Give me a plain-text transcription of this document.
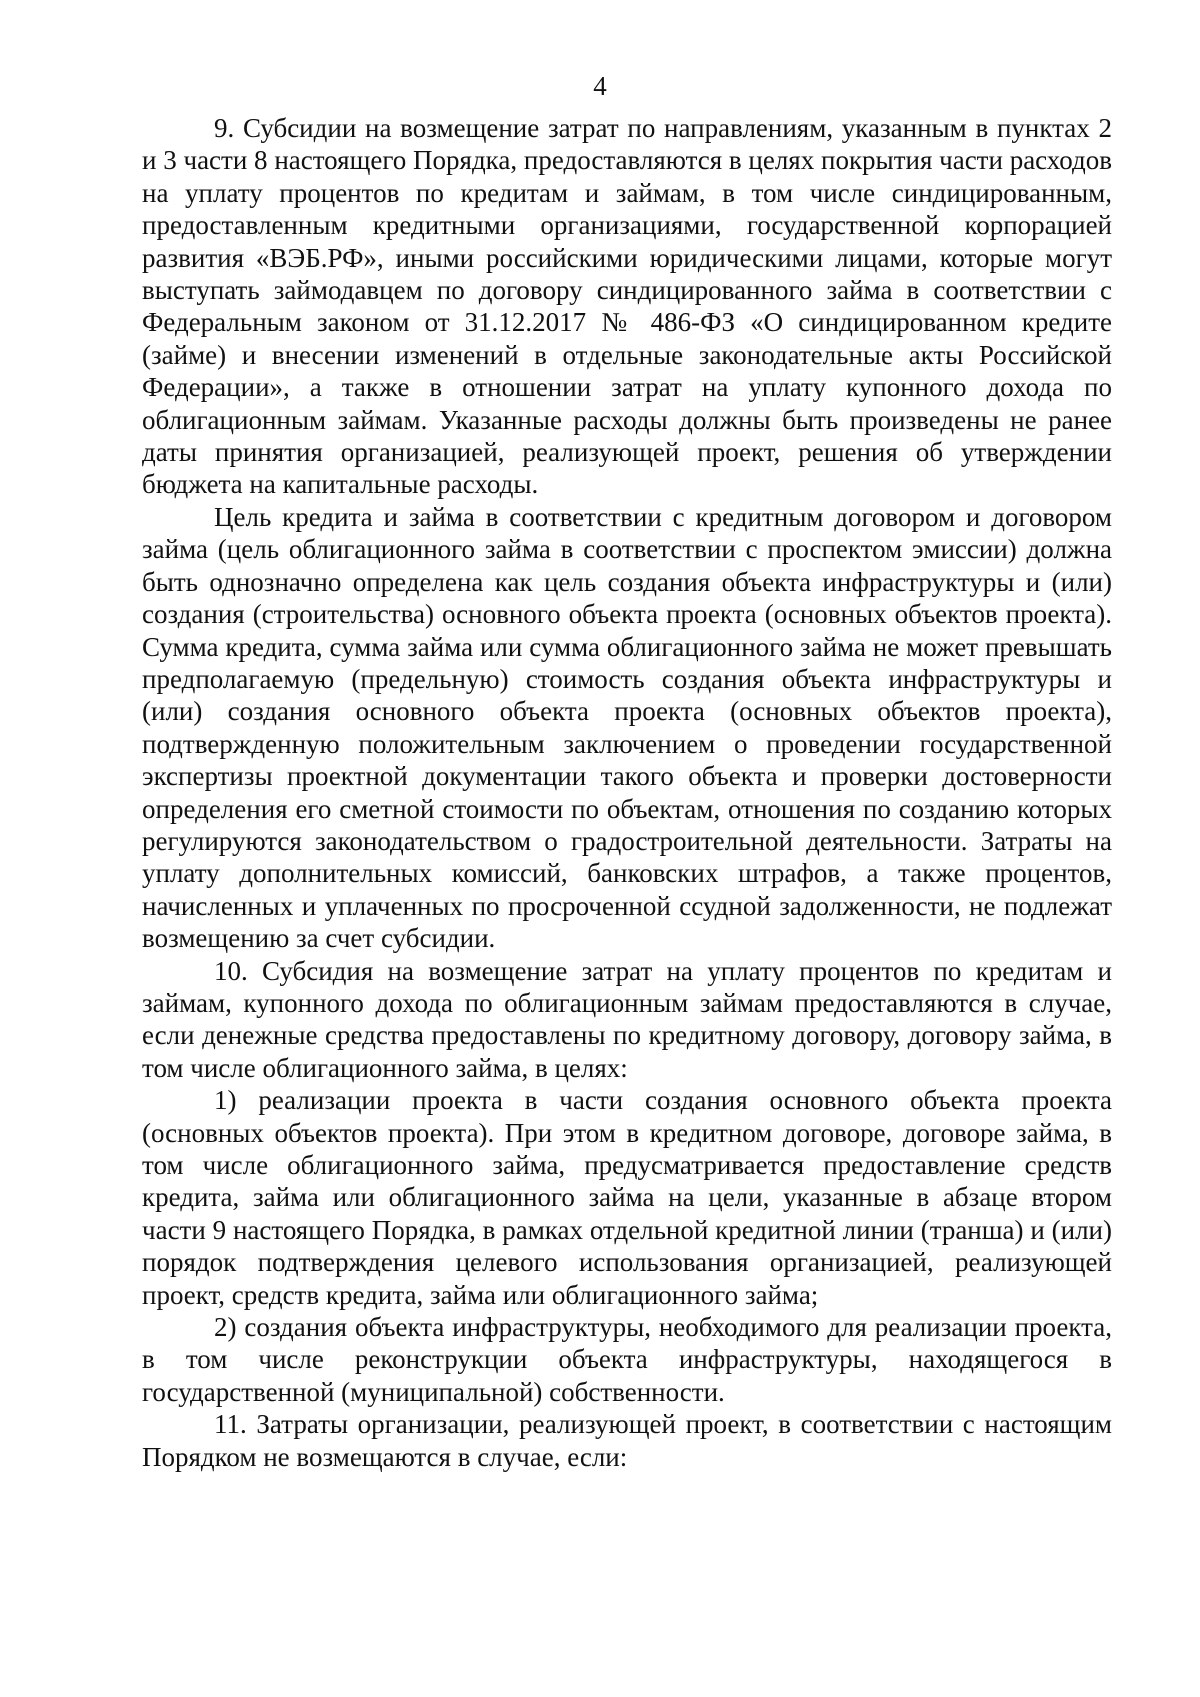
4

9. Субсидии на возмещение затрат по направлениям, указанным в пунктах 2 и 3 части 8 настоящего Порядка, предоставляются в целях покрытия части расходов на уплату процентов по кредитам и займам, в том числе синдицированным, предоставленным кредитными организациями, государственной корпорацией развития «ВЭБ.РФ», иными российскими юридическими лицами, которые могут выступать займодавцем по договору синдицированного займа в соответствии с Федеральным законом от 31.12.2017 № 486-ФЗ «О синдицированном кредите (займе) и внесении изменений в отдельные законодательные акты Российской Федерации», а также в отношении затрат на уплату купонного дохода по облигационным займам. Указанные расходы должны быть произведены не ранее даты принятия организацией, реализующей проект, решения об утверждении бюджета на капитальные расходы.

Цель кредита и займа в соответствии с кредитным договором и договором займа (цель облигационного займа в соответствии с проспектом эмиссии) должна быть однозначно определена как цель создания объекта инфраструктуры и (или) создания (строительства) основного объекта проекта (основных объектов проекта). Сумма кредита, сумма займа или сумма облигационного займа не может превышать предполагаемую (предельную) стоимость создания объекта инфраструктуры и (или) создания основного объекта проекта (основных объектов проекта), подтвержденную положительным заключением о проведении государственной экспертизы проектной документации такого объекта и проверки достоверности определения его сметной стоимости по объектам, отношения по созданию которых регулируются законодательством о градостроительной деятельности. Затраты на уплату дополнительных комиссий, банковских штрафов, а также процентов, начисленных и уплаченных по просроченной ссудной задолженности, не подлежат возмещению за счет субсидии.

10. Субсидия на возмещение затрат на уплату процентов по кредитам и займам, купонного дохода по облигационным займам предоставляются в случае, если денежные средства предоставлены по кредитному договору, договору займа, в том числе облигационного займа, в целях:

1) реализации проекта в части создания основного объекта проекта (основных объектов проекта). При этом в кредитном договоре, договоре займа, в том числе облигационного займа, предусматривается предоставление средств кредита, займа или облигационного займа на цели, указанные в абзаце втором части 9 настоящего Порядка, в рамках отдельной кредитной линии (транша) и (или) порядок подтверждения целевого использования организацией, реализующей проект, средств кредита, займа или облигационного займа;

2) создания объекта инфраструктуры, необходимого для реализации проекта, в том числе реконструкции объекта инфраструктуры, находящегося в государственной (муниципальной) собственности.

11. Затраты организации, реализующей проект, в соответствии с настоящим Порядком не возмещаются в случае, если:
